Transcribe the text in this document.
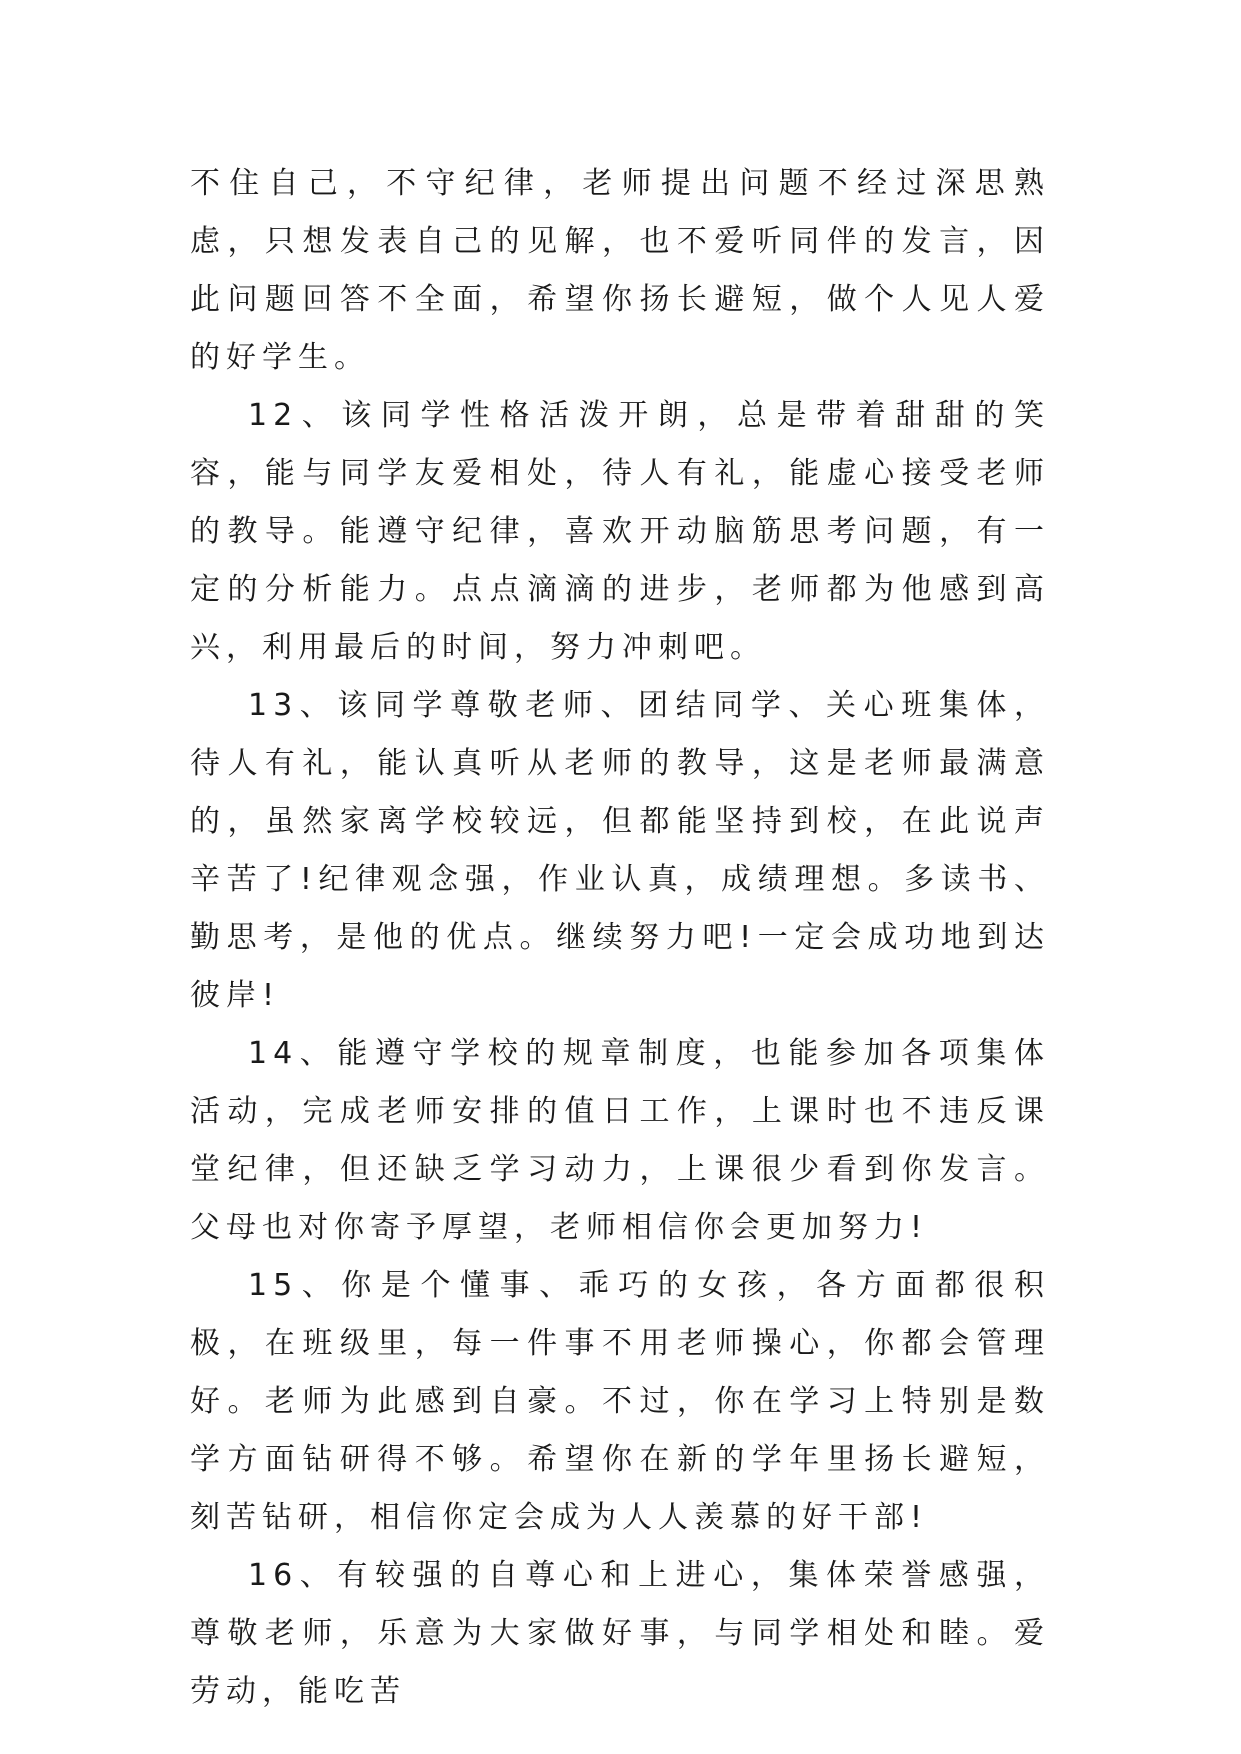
不住自己，不守纪律，老师提出问题不经过深思熟虑，只想发表自己的见解，也不爱听同伴的发言，因此问题回答不全面，希望你扬长避短，做个人见人爱的好学生。

12、该同学性格活泼开朗，总是带着甜甜的笑容，能与同学友爱相处，待人有礼，能虚心接受老师的教导。能遵守纪律，喜欢开动脑筋思考问题，有一定的分析能力。点点滴滴的进步，老师都为他感到高兴，利用最后的时间，努力冲刺吧。

13、该同学尊敬老师、团结同学、关心班集体，待人有礼，能认真听从老师的教导，这是老师最满意的，虽然家离学校较远，但都能坚持到校，在此说声辛苦了!纪律观念强，作业认真，成绩理想。多读书、勤思考，是他的优点。继续努力吧!一定会成功地到达彼岸!

14、能遵守学校的规章制度，也能参加各项集体活动，完成老师安排的值日工作，上课时也不违反课堂纪律，但还缺乏学习动力，上课很少看到你发言。父母也对你寄予厚望，老师相信你会更加努力!

15、你是个懂事、乖巧的女孩，各方面都很积极，在班级里，每一件事不用老师操心，你都会管理好。老师为此感到自豪。不过，你在学习上特别是数学方面钻研得不够。希望你在新的学年里扬长避短，刻苦钻研，相信你定会成为人人羡慕的好干部!

16、有较强的自尊心和上进心，集体荣誉感强，尊敬老师，乐意为大家做好事，与同学相处和睦。爱劳动，能吃苦
